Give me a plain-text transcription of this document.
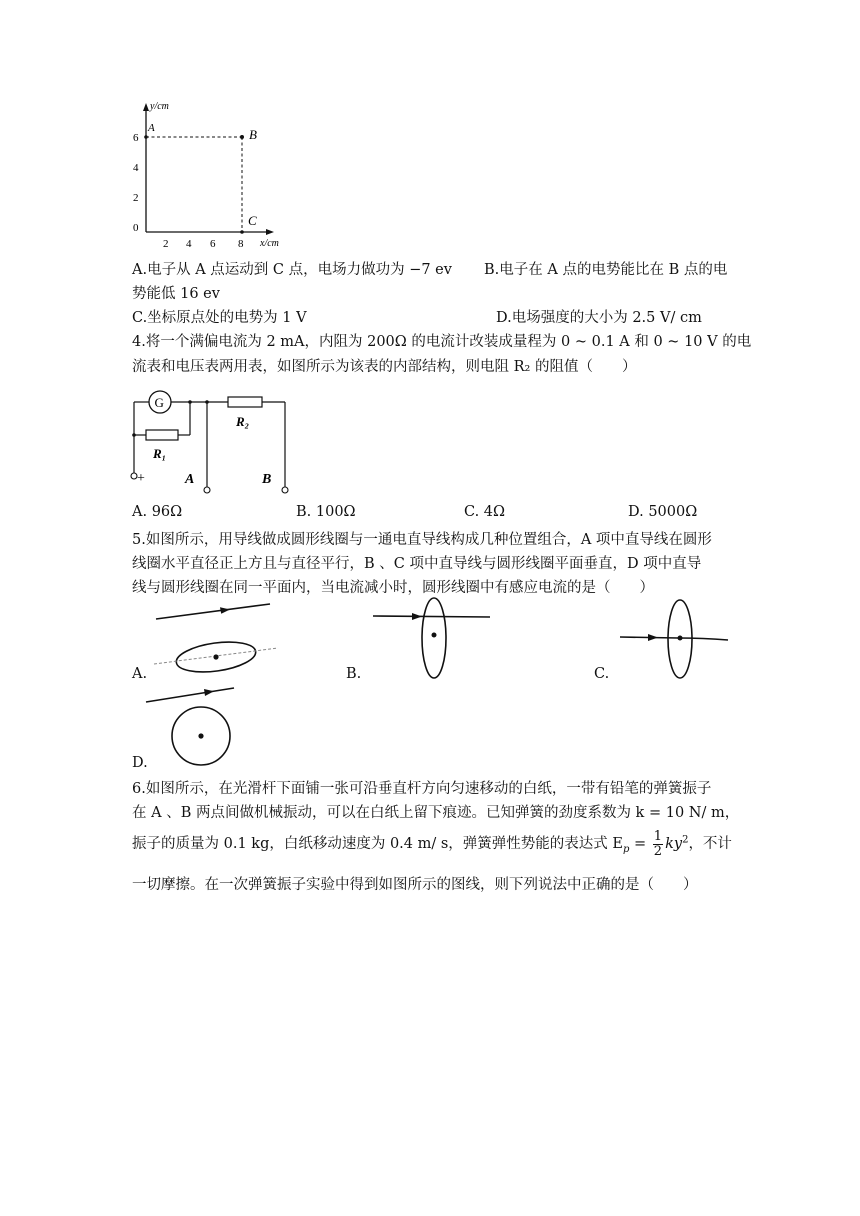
y/cm
x/cm
A	B
C
6
4
2
0
2 4 6 8
A.电子从 A 点运动到 C 点，电场力做功为 −7 ev B.电子在 A 点的电势能比在 B 点的电
势能低 16 ev
C.坐标原点处的电势为 1 V	D.电场强度的大小为 2.5 V/ cm
4.将一个满偏电流为 2 mA，内阻为 200Ω 的电流计改装成量程为 0 ~ 0.1 A 和 0 ~ 10 V 的电
流表和电压表两用表，如图所示为该表的内部结构，则电阻 R₂ 的阻值（　　）
G
R₂
R₁
+	A	B
A. 96Ω	B. 100Ω	C. 4Ω	D. 5000Ω
5.如图所示，用导线做成圆形线圈与一通电直导线构成几种位置组合，A 项中直导线在圆形
线圈水平直径正上方且与直径平行，B 、C 项中直导线与圆形线圈平面垂直，D 项中直导
线与圆形线圈在同一平面内，当电流减小时，圆形线圈中有感应电流的是（　　）
A.	B.	C.
D.
6.如图所示，在光滑杆下面铺一张可沿垂直杆方向匀速移动的白纸，一带有铅笔的弹簧振子
在 A 、B 两点间做机械振动，可以在白纸上留下痕迹。已知弹簧的劲度系数为 k = 10 N/ m，
振子的质量为 0.1 kg，白纸移动速度为 0.4 m/ s，弹簧弹性势能的表达式 $E_p = \frac{1}{2} ky^2$，不计
一切摩擦。在一次弹簧振子实验中得到如图所示的图线，则下列说法中正确的是（　　）
